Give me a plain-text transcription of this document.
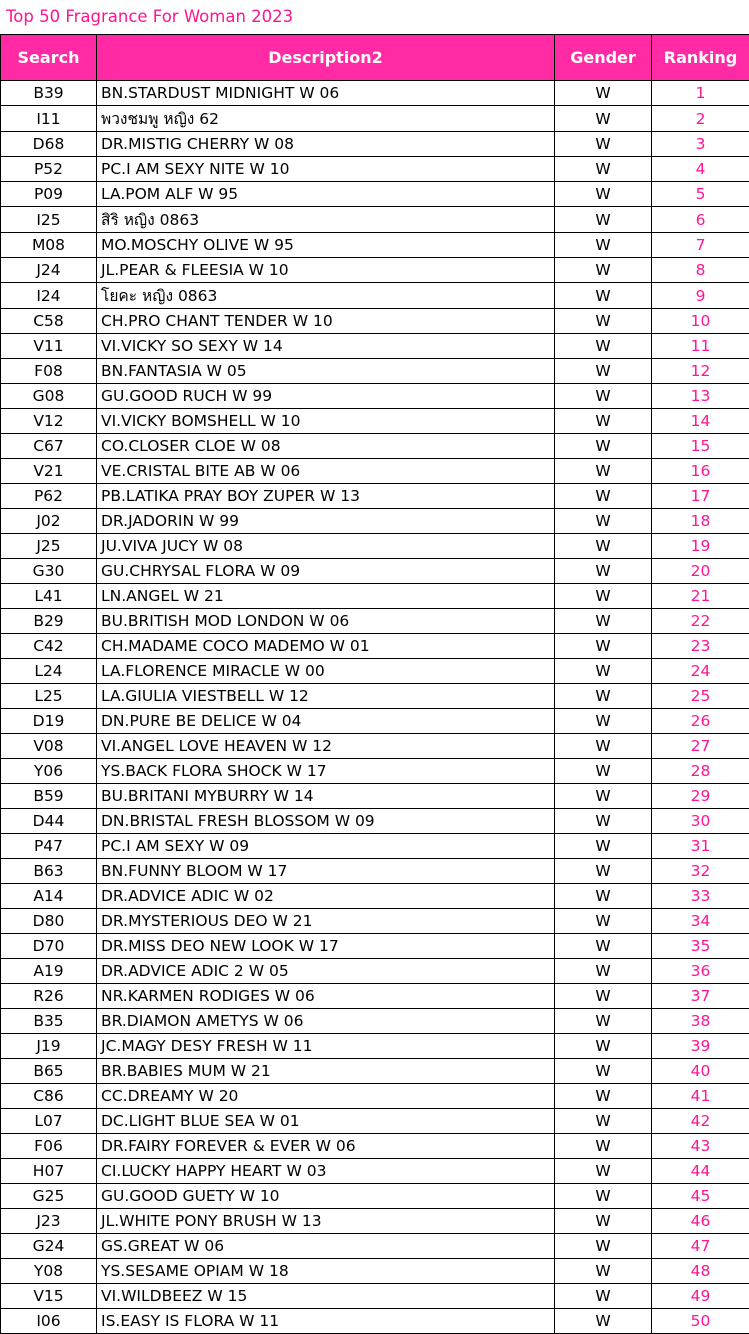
Top 50 Fragrance For Woman 2023
Search	Description2	Gender	Ranking
B39	BN.STARDUST MIDNIGHT W 06	W	1
I11	พวงชมพู หญิง 62	W	2
D68	DR.MISTIG CHERRY W 08	W	3
P52	PC.I AM SEXY NITE W 10	W	4
P09	LA.POM ALF W 95	W	5
I25	สิริ หญิง 0863	W	6
M08	MO.MOSCHY OLIVE W 95	W	7
J24	JL.PEAR & FLEESIA W 10	W	8
I24	โยคะ หญิง 0863	W	9
C58	CH.PRO CHANT TENDER W 10	W	10
V11	VI.VICKY SO SEXY W 14	W	11
F08	BN.FANTASIA W 05	W	12
G08	GU.GOOD RUCH W 99	W	13
V12	VI.VICKY BOMSHELL W 10	W	14
C67	CO.CLOSER CLOE W 08	W	15
V21	VE.CRISTAL BITE AB W 06	W	16
P62	PB.LATIKA PRAY BOY ZUPER W 13	W	17
J02	DR.JADORIN W 99	W	18
J25	JU.VIVA JUCY W 08	W	19
G30	GU.CHRYSAL FLORA W 09	W	20
L41	LN.ANGEL W 21	W	21
B29	BU.BRITISH MOD LONDON W 06	W	22
C42	CH.MADAME COCO MADEMO W 01	W	23
L24	LA.FLORENCE MIRACLE W 00	W	24
L25	LA.GIULIA VIESTBELL W 12	W	25
D19	DN.PURE BE DELICE W 04	W	26
V08	VI.ANGEL LOVE HEAVEN W 12	W	27
Y06	YS.BACK FLORA SHOCK W 17	W	28
B59	BU.BRITANI MYBURRY W 14	W	29
D44	DN.BRISTAL FRESH BLOSSOM W 09	W	30
P47	PC.I AM SEXY W 09	W	31
B63	BN.FUNNY BLOOM W 17	W	32
A14	DR.ADVICE ADIC W 02	W	33
D80	DR.MYSTERIOUS DEO W 21	W	34
D70	DR.MISS DEO NEW LOOK W 17	W	35
A19	DR.ADVICE ADIC 2 W 05	W	36
R26	NR.KARMEN RODIGES W 06	W	37
B35	BR.DIAMON AMETYS W 06	W	38
J19	JC.MAGY DESY FRESH W 11	W	39
B65	BR.BABIES MUM W 21	W	40
C86	CC.DREAMY W 20	W	41
L07	DC.LIGHT BLUE SEA W 01	W	42
F06	DR.FAIRY FOREVER & EVER W 06	W	43
H07	CI.LUCKY HAPPY HEART W 03	W	44
G25	GU.GOOD GUETY W 10	W	45
J23	JL.WHITE PONY BRUSH W 13	W	46
G24	GS.GREAT W 06	W	47
Y08	YS.SESAME OPIAM W 18	W	48
V15	VI.WILDBEEZ W 15	W	49
I06	IS.EASY IS FLORA W 11	W	50
